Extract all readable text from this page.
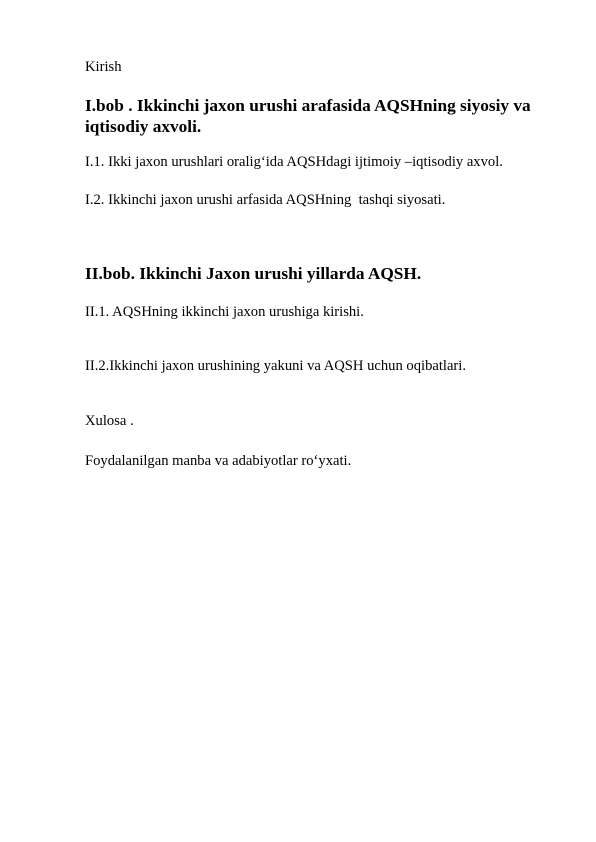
Kirish

I.bob . Ikkinchi jaxon urushi arafasida AQSHning siyosiy va iqtisodiy axvoli.

I.1. Ikki jaxon urushlari oralig‘ida AQSHdagi ijtimoiy –iqtisodiy axvol.

I.2. Ikkinchi jaxon urushi arfasida AQSHning  tashqi siyosati.

II.bob. Ikkinchi Jaxon urushi yillarda AQSH.

II.1. AQSHning ikkinchi jaxon urushiga kirishi.

II.2.Ikkinchi jaxon urushining yakuni va AQSH uchun oqibatlari.

Xulosa .

Foydalanilgan manba va adabiyotlar ro‘yxati.
